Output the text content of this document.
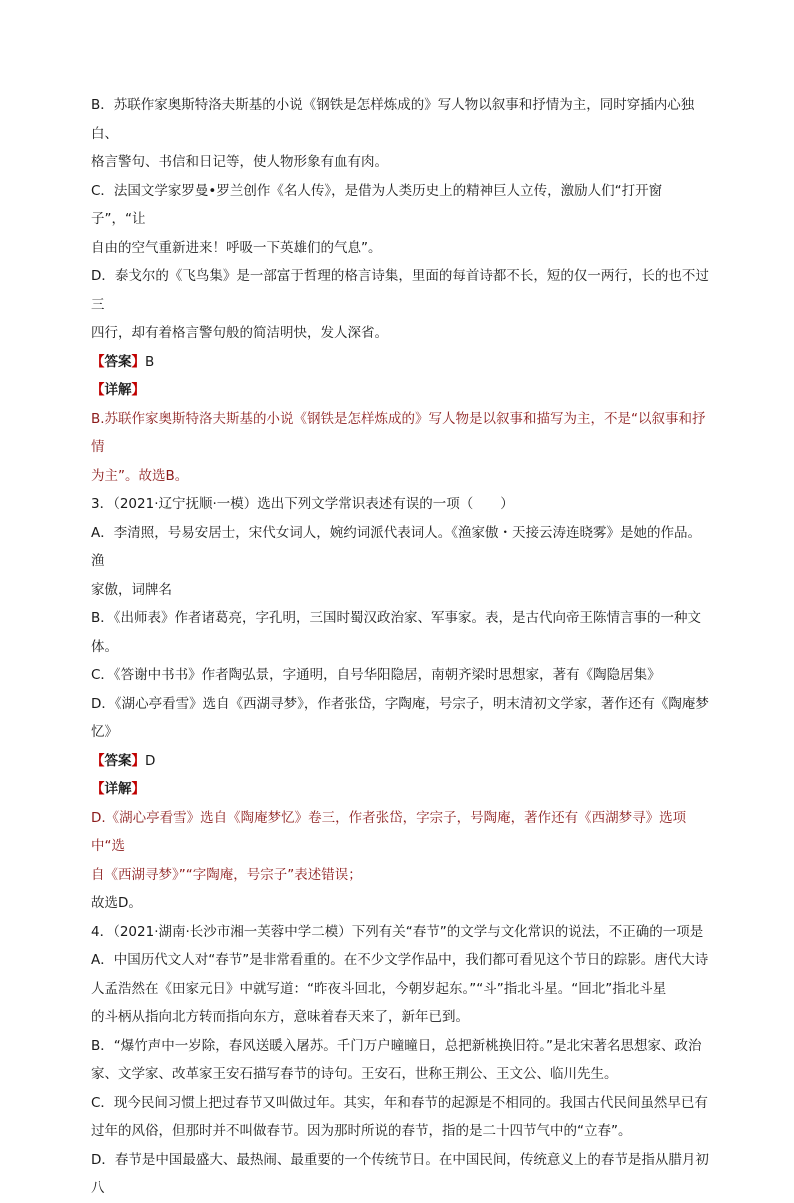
B．苏联作家奥斯特洛夫斯基的小说《钢铁是怎样炼成的》写人物以叙事和抒情为主，同时穿插内心独白、

格言警句、书信和日记等，使人物形象有血有肉。

C．法国文学家罗曼•罗兰创作《名人传》，是借为人类历史上的精神巨人立传，激励人们“打开窗子”，“让

自由的空气重新进来！呼吸一下英雄们的气息”。

D．泰戈尔的《飞鸟集》是一部富于哲理的格言诗集，里面的每首诗都不长，短的仅一两行，长的也不过三

四行，却有着格言警句般的简洁明快，发人深省。

【答案】B

【详解】

B.苏联作家奥斯特洛夫斯基的小说《钢铁是怎样炼成的》写人物是以叙事和描写为主，不是“以叙事和抒情

为主”。故选B。

3．（2021·辽宁抚顺·一模）选出下列文学常识表述有误的一项（　　）

A．李清照，号易安居士，宋代女词人，婉约词派代表词人。《渔家傲・天接云涛连晓雾》是她的作品。渔

家傲，词牌名

B．《出师表》作者诸葛亮，字孔明，三国时蜀汉政治家、军事家。表，是古代向帝王陈情言事的一种文体。

C．《答谢中书书》作者陶弘景，字通明，自号华阳隐居，南朝齐梁时思想家，著有《陶隐居集》

D．《湖心亭看雪》选自《西湖寻梦》，作者张岱，字陶庵，号宗子，明末清初文学家，著作还有《陶庵梦忆》

【答案】D

【详解】

D.《湖心亭看雪》选自《陶庵梦忆》卷三，作者张岱，字宗子，号陶庵，著作还有《西湖梦寻》选项中“选

自《西湖寻梦》”“字陶庵，号宗子”表述错误；

故选D。

4．（2021·湖南·长沙市湘一芙蓉中学二模）下列有关“春节”的文学与文化常识的说法，不正确的一项是

A．中国历代文人对“春节”是非常看重的。在不少文学作品中，我们都可看见这个节日的踪影。唐代大诗

人孟浩然在《田家元日》中就写道：“昨夜斗回北，今朝岁起东。”“斗”指北斗星。“回北”指北斗星

的斗柄从指向北方转而指向东方，意味着春天来了，新年已到。

B．“爆竹声中一岁除，春风送暖入屠苏。千门万户曈曈日，总把新桃换旧符。”是北宋著名思想家、政治

家、文学家、改革家王安石描写春节的诗句。王安石，世称王荆公、王文公、临川先生。

C．现今民间习惯上把过春节又叫做过年。其实，年和春节的起源是不相同的。我国古代民间虽然早已有

过年的风俗，但那时并不叫做春节。因为那时所说的春节，指的是二十四节气中的“立春”。

D．春节是中国最盛大、最热闹、最重要的一个传统节日。在中国民间，传统意义上的春节是指从腊月初八
